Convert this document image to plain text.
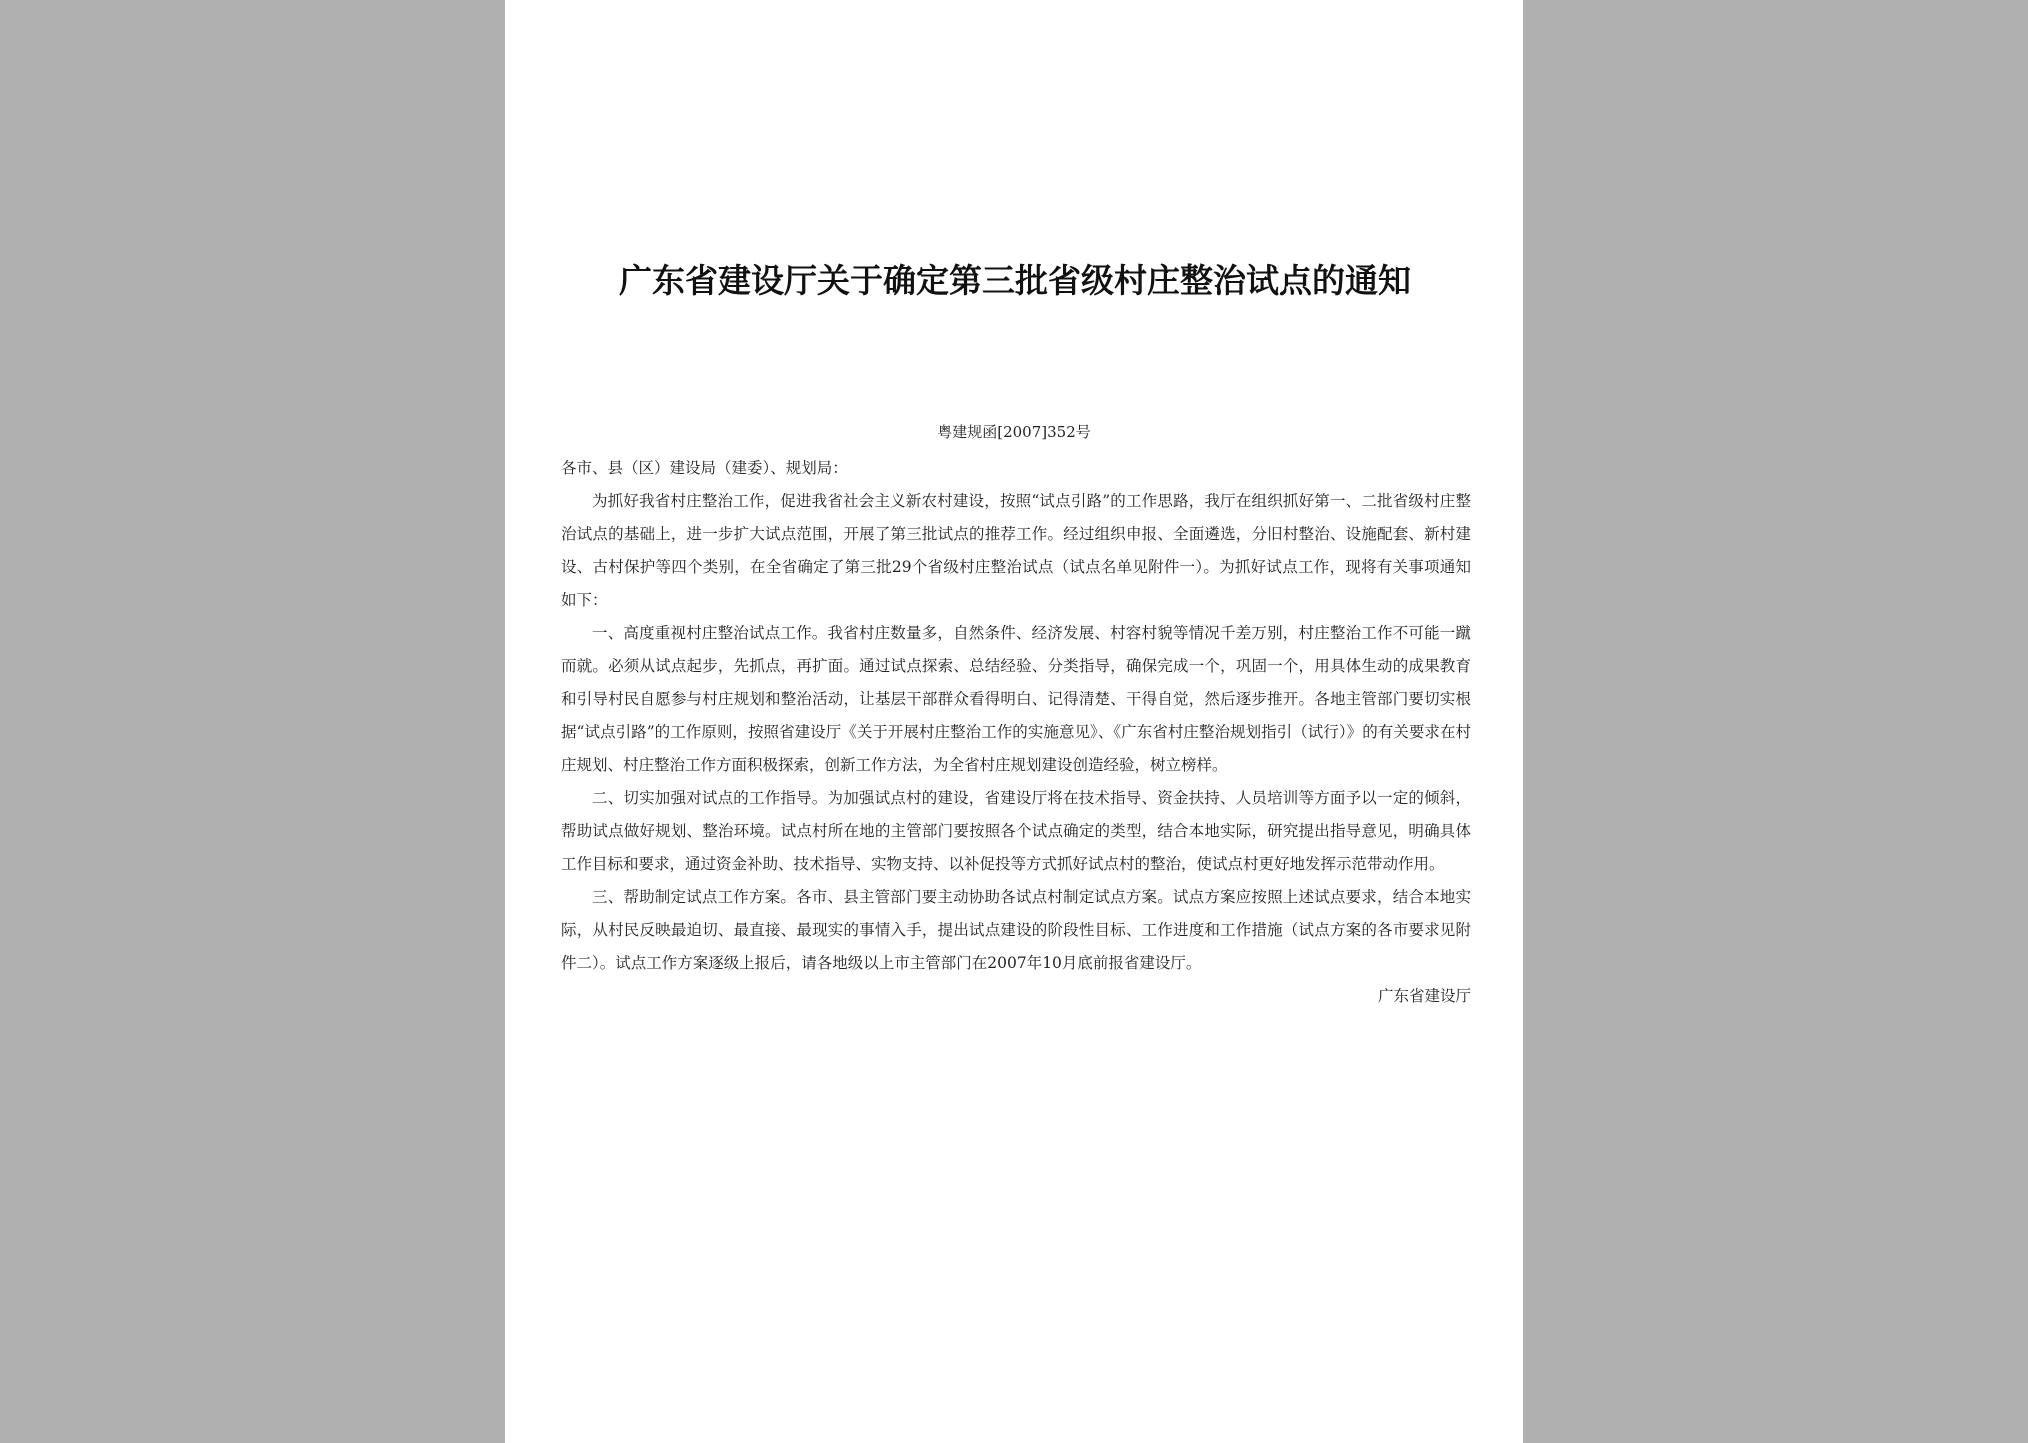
广东省建设厅关于确定第三批省级村庄整治试点的通知
粤建规函[2007]352号

各市、县（区）建设局（建委）、规划局：

为抓好我省村庄整治工作，促进我省社会主义新农村建设，按照“试点引路”的工作思路，我厅在组织抓好第一、二批省级村庄整治试点的基础上，进一步扩大试点范围，开展了第三批试点的推荐工作。经过组织申报、全面遴选，分旧村整治、设施配套、新村建设、古村保护等四个类别，在全省确定了第三批29个省级村庄整治试点（试点名单见附件一）。为抓好试点工作，现将有关事项通知如下：

一、高度重视村庄整治试点工作。我省村庄数量多，自然条件、经济发展、村容村貌等情况千差万别，村庄整治工作不可能一蹴而就。必须从试点起步，先抓点，再扩面。通过试点探索、总结经验、分类指导，确保完成一个，巩固一个，用具体生动的成果教育和引导村民自愿参与村庄规划和整治活动，让基层干部群众看得明白、记得清楚、干得自觉，然后逐步推开。各地主管部门要切实根据“试点引路”的工作原则，按照省建设厅《关于开展村庄整治工作的实施意见》、《广东省村庄整治规划指引（试行）》的有关要求在村庄规划、村庄整治工作方面积极探索，创新工作方法，为全省村庄规划建设创造经验，树立榜样。

二、切实加强对试点的工作指导。为加强试点村的建设，省建设厅将在技术指导、资金扶持、人员培训等方面予以一定的倾斜，帮助试点做好规划、整治环境。试点村所在地的主管部门要按照各个试点确定的类型，结合本地实际，研究提出指导意见，明确具体工作目标和要求，通过资金补助、技术指导、实物支持、以补促投等方式抓好试点村的整治，使试点村更好地发挥示范带动作用。

三、帮助制定试点工作方案。各市、县主管部门要主动协助各试点村制定试点方案。试点方案应按照上述试点要求，结合本地实际，从村民反映最迫切、最直接、最现实的事情入手，提出试点建设的阶段性目标、工作进度和工作措施（试点方案的各市要求见附件二）。试点工作方案逐级上报后，请各地级以上市主管部门在2007年10月底前报省建设厅。

广东省建设厅
